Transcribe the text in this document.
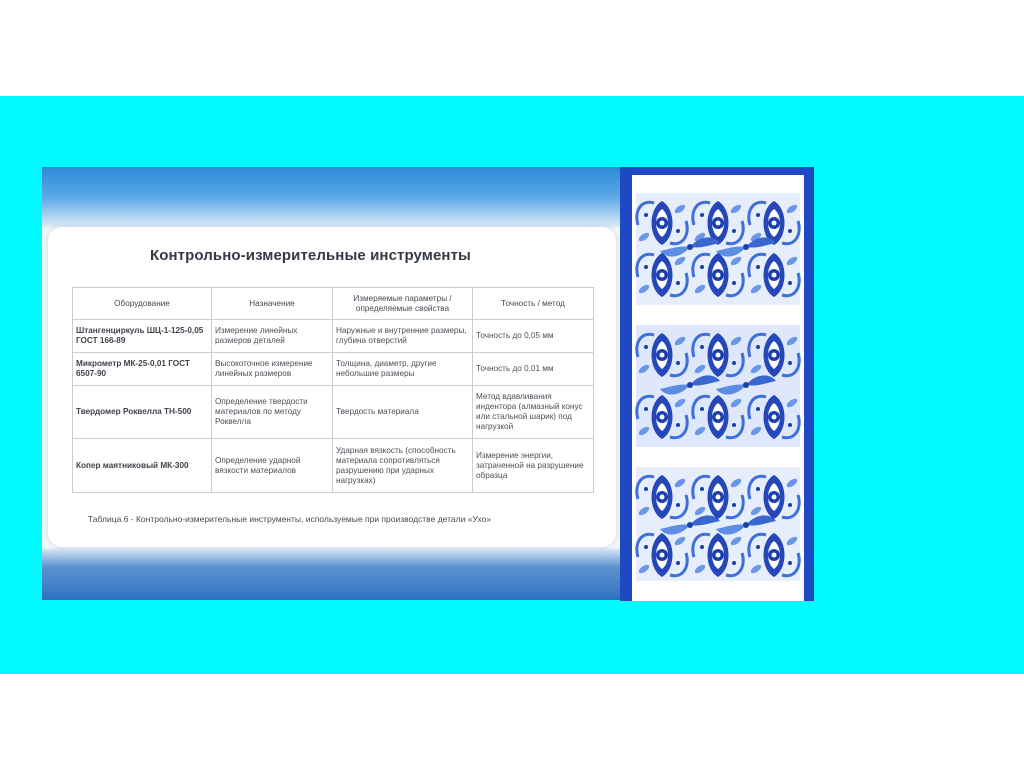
Контрольно-измерительные инструменты
Оборудование	Назначение	Измеряемые параметры / определяемые свойства	Точность / метод
Штангенциркуль ШЦ-1-125-0,05 ГОСТ 166-89	Измерение линейных размеров деталей	Наружные и внутренние размеры, глубина отверстий	Точность до 0,05 мм
Микрометр МК-25-0,01 ГОСТ 6507-90	Высокоточное измерение линейных размеров	Толщина, диаметр, другие небольшие размеры	Точность до 0.01 мм
Твердомер Роквелла ТН-500	Определение твердости материалов по методу Роквелла	Твердость материала	Метод вдавливания индентора (алмазный конус или стальной шарик) под нагрузкой
Копер маятниковый МК-300	Определение ударной вязкости материалов	Ударная вязкость (способность материала сопротивляться разрушению при ударных нагрузках)	Измерение энергии, затраченной на разрушение образца

Таблица 6 - Контрольно-измерительные инструменты, используемые при производстве детали «Ухо»
